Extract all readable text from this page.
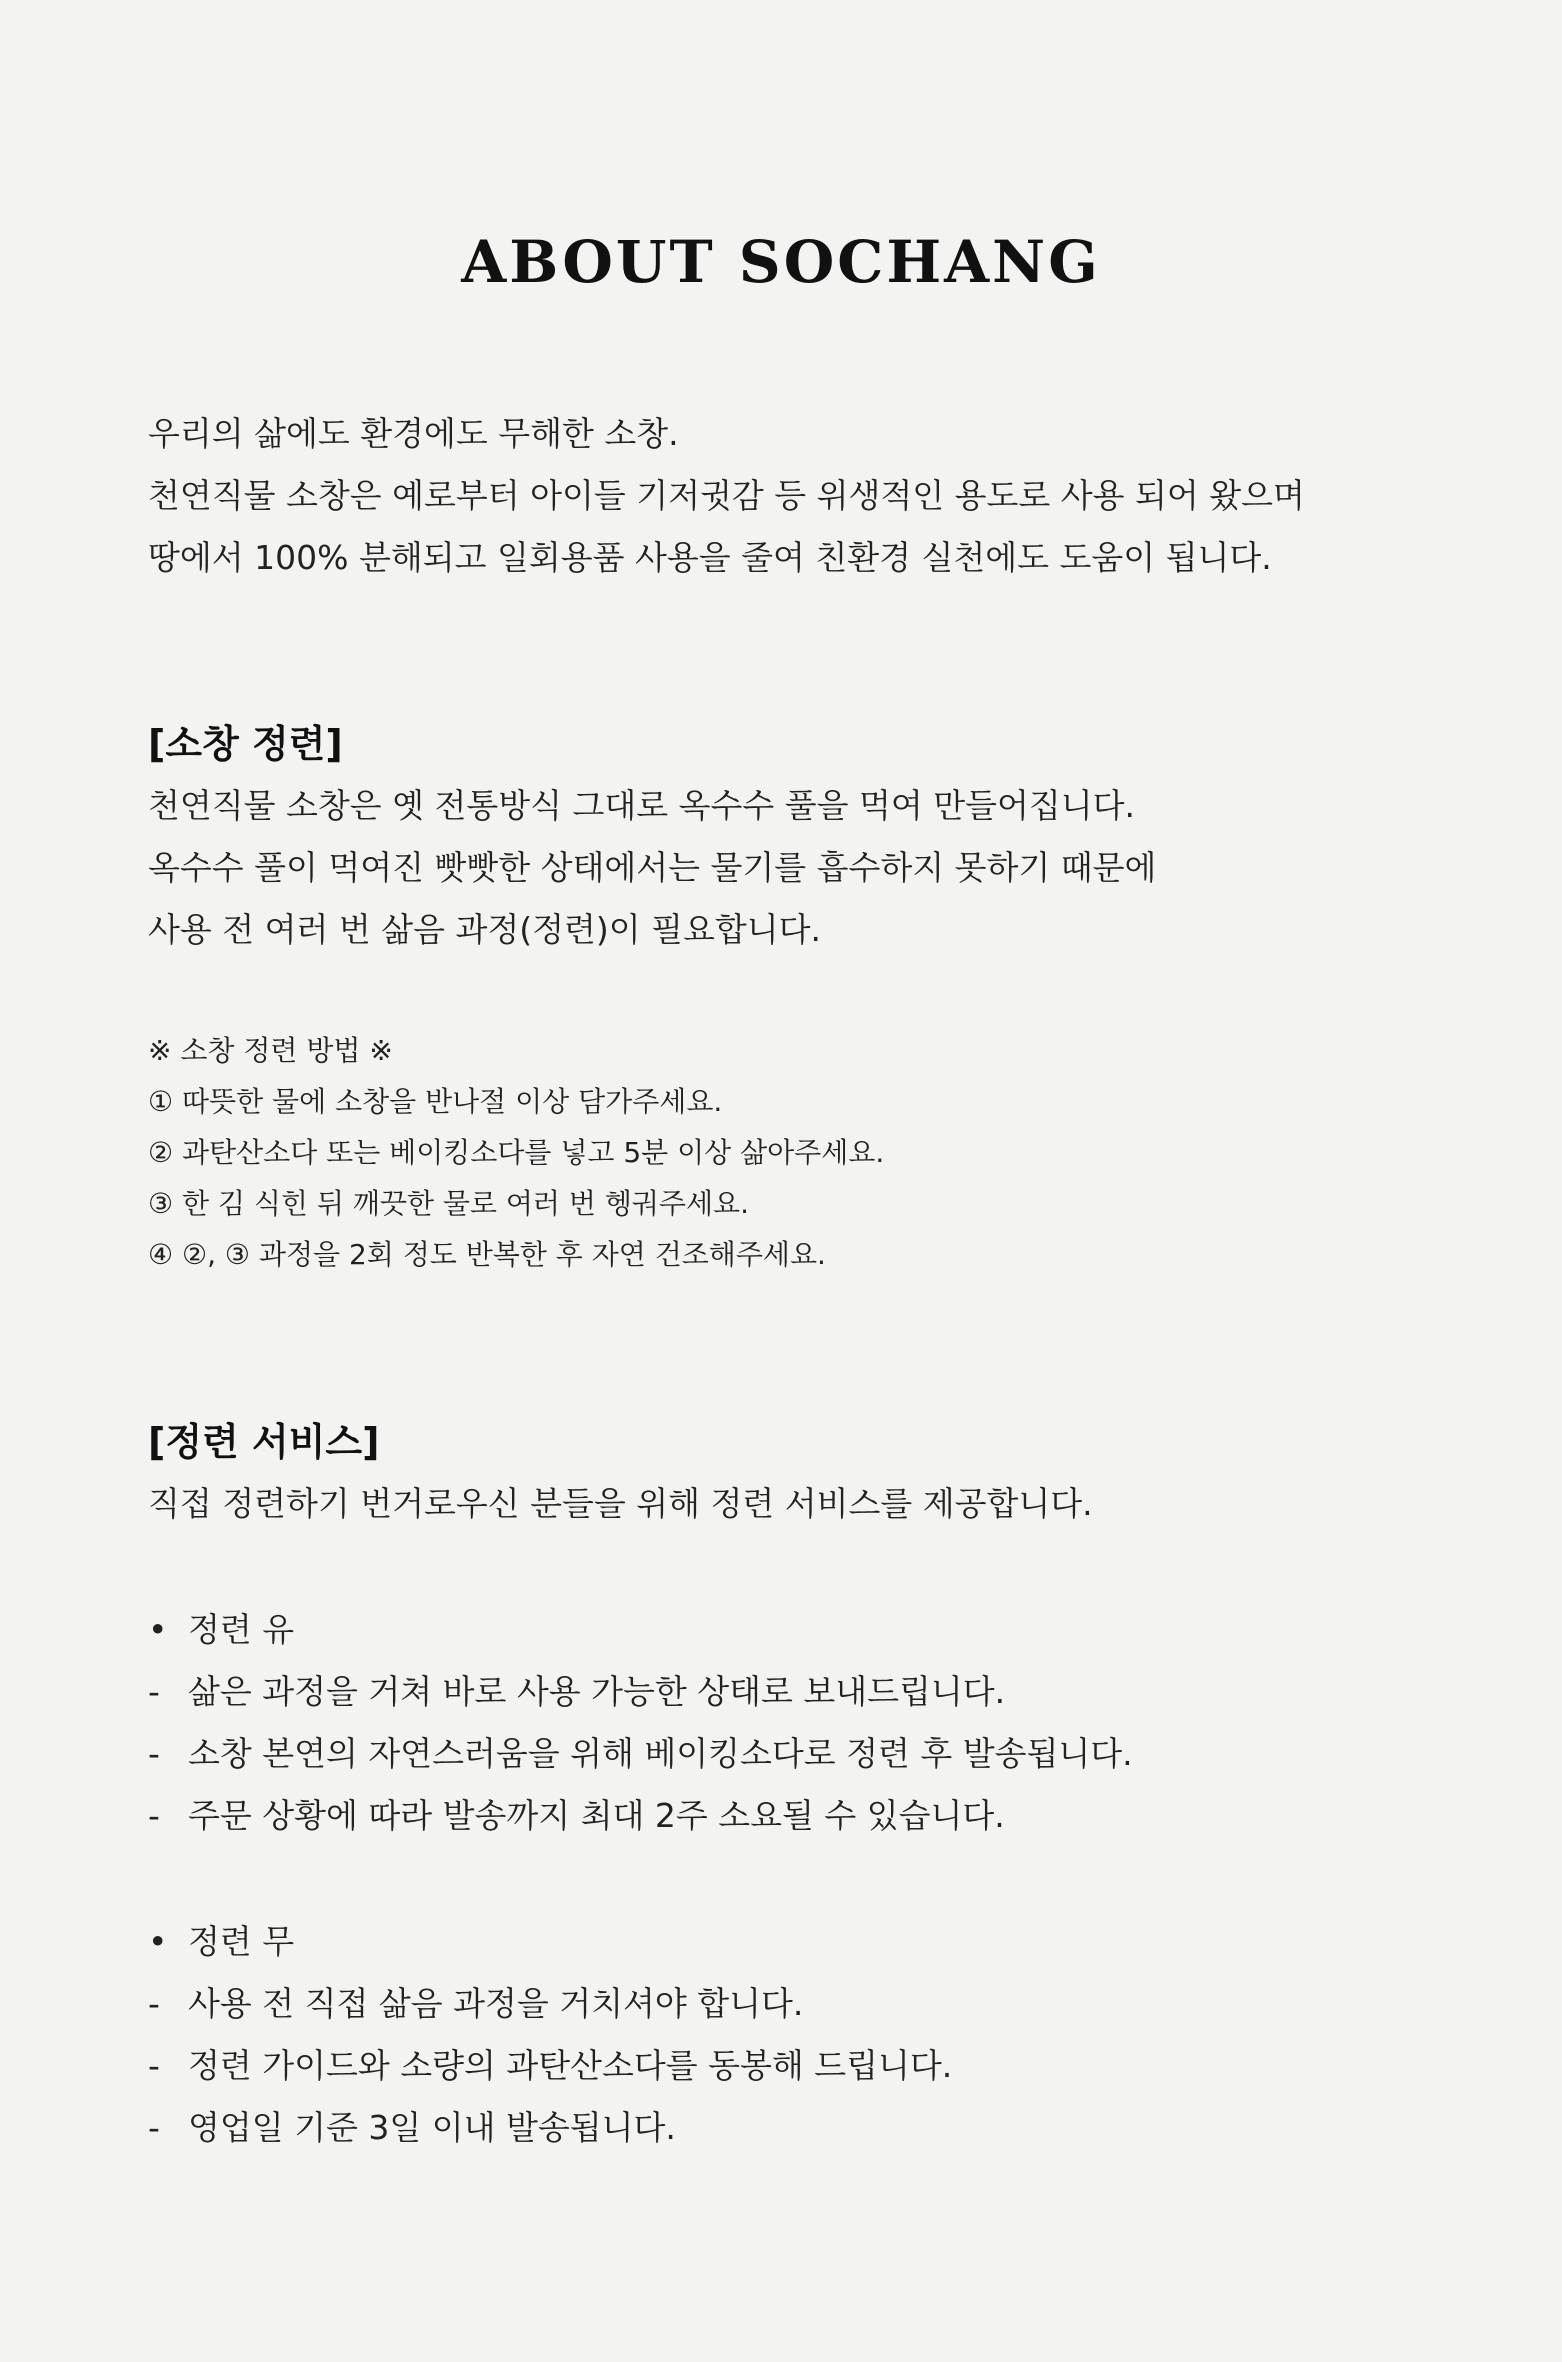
ABOUT SOCHANG
우리의 삶에도 환경에도 무해한 소창.
천연직물 소창은 예로부터 아이들 기저귓감 등 위생적인 용도로 사용 되어 왔으며
땅에서 100% 분해되고 일회용품 사용을 줄여 친환경 실천에도 도움이 됩니다.
[소창 정련]
천연직물 소창은 옛 전통방식 그대로 옥수수 풀을 먹여 만들어집니다.
옥수수 풀이 먹여진 빳빳한 상태에서는 물기를 흡수하지 못하기 때문에
사용 전 여러 번 삶음 과정(정련)이 필요합니다.
※ 소창 정련 방법 ※
① 따뜻한 물에 소창을 반나절 이상 담가주세요.
② 과탄산소다 또는 베이킹소다를 넣고 5분 이상 삶아주세요.
③ 한 김 식힌 뒤 깨끗한 물로 여러 번 헹궈주세요.
④ ②, ③ 과정을 2회 정도 반복한 후 자연 건조해주세요.
[정련 서비스]
직접 정련하기 번거로우신 분들을 위해 정련 서비스를 제공합니다.
• 정련 유
- 삶은 과정을 거쳐 바로 사용 가능한 상태로 보내드립니다.
- 소창 본연의 자연스러움을 위해 베이킹소다로 정련 후 발송됩니다.
- 주문 상황에 따라 발송까지 최대 2주 소요될 수 있습니다.
• 정련 무
- 사용 전 직접 삶음 과정을 거치셔야 합니다.
- 정련 가이드와 소량의 과탄산소다를 동봉해 드립니다.
- 영업일 기준 3일 이내 발송됩니다.
